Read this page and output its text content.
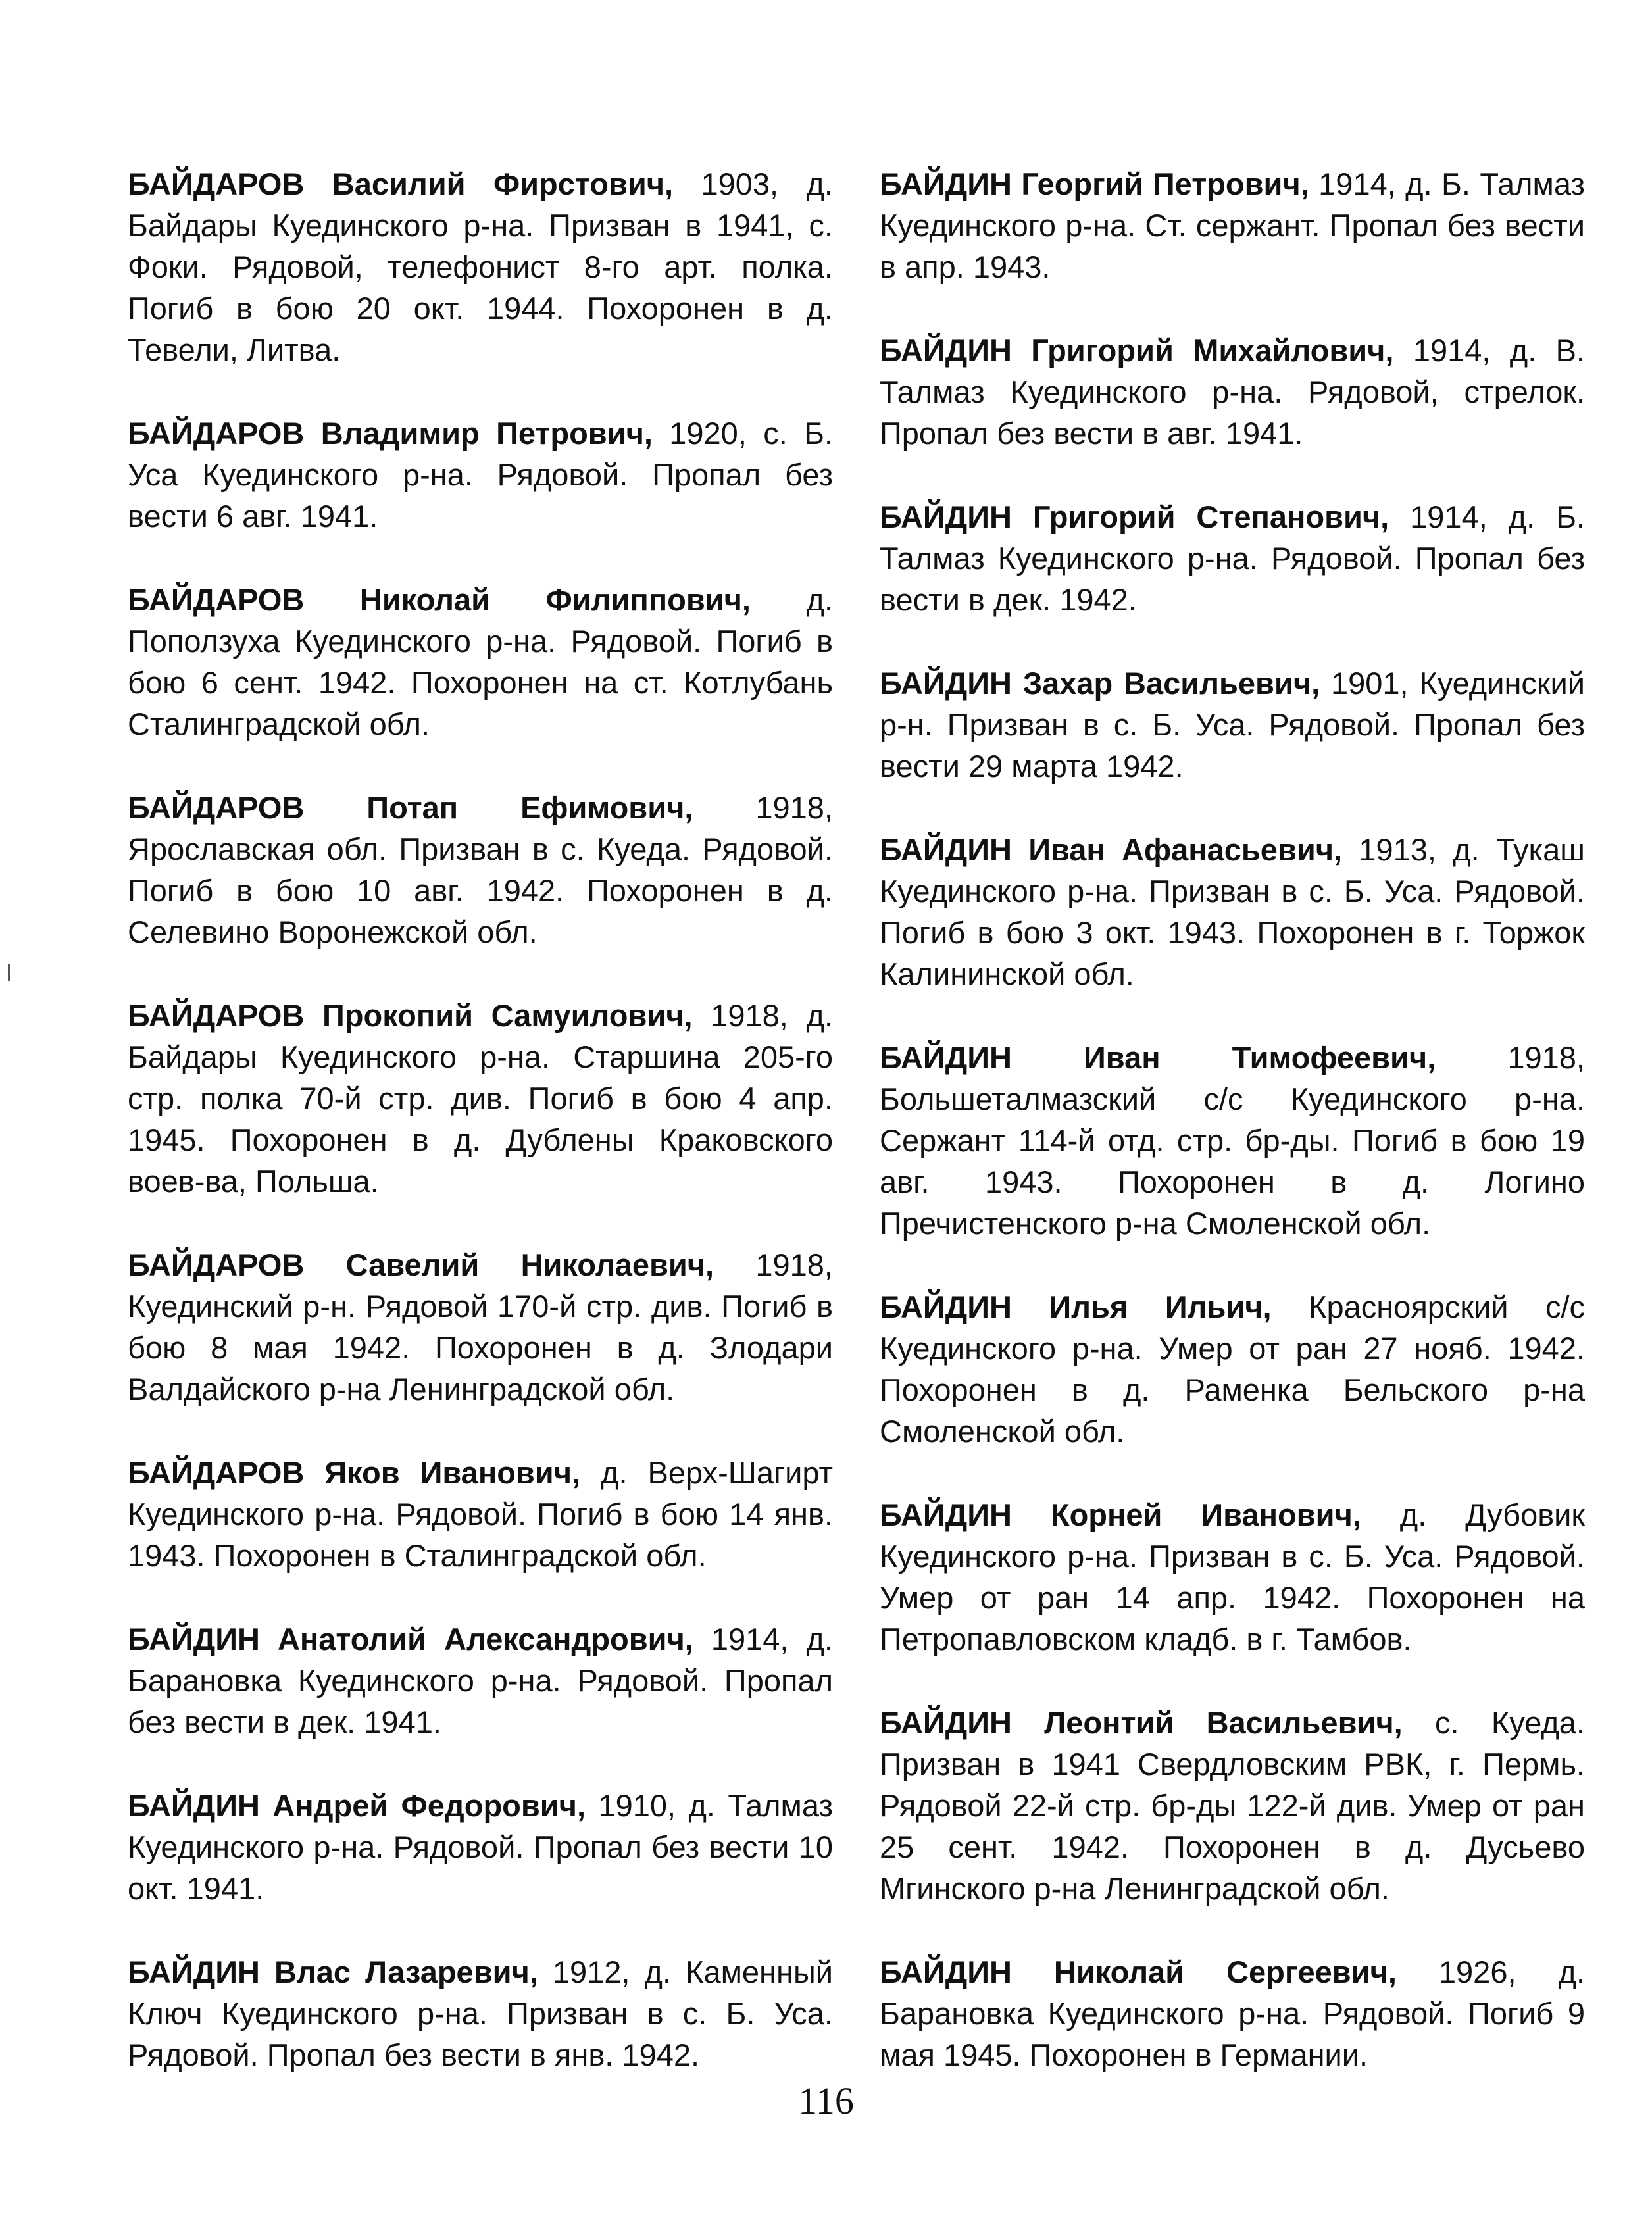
БАЙДАРОВ Василий Фирстович, 1903, д. Байдары Куединского р-на. Призван в 1941, с. Фоки. Рядовой, телефонист 8-го арт. полка. Погиб в бою 20 окт. 1944. Похоронен в д. Тевели, Литва.

БАЙДАРОВ Владимир Петрович, 1920, с. Б. Уса Куединского р-на. Рядовой. Пропал без вести 6 авг. 1941.

БАЙДАРОВ Николай Филиппович, д. Поползуха Куединского р-на. Рядовой. Погиб в бою 6 сент. 1942. Похоронен на ст. Котлубань Сталинградской обл.

БАЙДАРОВ Потап Ефимович, 1918, Ярославская обл. Призван в с. Куеда. Рядовой. Погиб в бою 10 авг. 1942. Похоронен в д. Селевино Воронежской обл.

БАЙДАРОВ Прокопий Самуилович, 1918, д. Байдары Куединского р-на. Старшина 205-го стр. полка 70-й стр. див. Погиб в бою 4 апр. 1945. Похоронен в д. Дублены Краковского воев-ва, Польша.

БАЙДАРОВ Савелий Николаевич, 1918, Куединский р-н. Рядовой 170-й стр. див. Погиб в бою 8 мая 1942. Похоронен в д. Злодари Валдайского р-на Ленинградской обл.

БАЙДАРОВ Яков Иванович, д. Верх-Шагирт Куединского р-на. Рядовой. Погиб в бою 14 янв. 1943. Похоронен в Сталинградской обл.

БАЙДИН Анатолий Александрович, 1914, д. Барановка Куединского р-на. Рядовой. Пропал без вести в дек. 1941.

БАЙДИН Андрей Федорович, 1910, д. Талмаз Куединского р-на. Рядовой. Пропал без вести 10 окт. 1941.

БАЙДИН Влас Лазаревич, 1912, д. Каменный Ключ Куединского р-на. Призван в с. Б. Уса. Рядовой. Пропал без вести в янв. 1942.

БАЙДИН Георгий Петрович, 1914, д. Б. Талмаз Куединского р-на. Ст. сержант. Пропал без вести в апр. 1943.

БАЙДИН Григорий Михайлович, 1914, д. В. Талмаз Куединского р-на. Рядовой, стрелок. Пропал без вести в авг. 1941.

БАЙДИН Григорий Степанович, 1914, д. Б. Талмаз Куединского р-на. Рядовой. Пропал без вести в дек. 1942.

БАЙДИН Захар Васильевич, 1901, Куединский р-н. Призван в с. Б. Уса. Рядовой. Пропал без вести 29 марта 1942.

БАЙДИН Иван Афанасьевич, 1913, д. Тукаш Куединского р-на. Призван в с. Б. Уса. Рядовой. Погиб в бою 3 окт. 1943. Похоронен в г. Торжок Калининской обл.

БАЙДИН Иван Тимофеевич, 1918, Большеталмазский с/с Куединского р-на. Сержант 114-й отд. стр. бр-ды. Погиб в бою 19 авг. 1943. Похоронен в д. Логино Пречистенского р-на Смоленской обл.

БАЙДИН Илья Ильич, Красноярский с/с Куединского р-на. Умер от ран 27 нояб. 1942. Похоронен в д. Раменка Бельского р-на Смоленской обл.

БАЙДИН Корней Иванович, д. Дубовик Куединского р-на. Призван в с. Б. Уса. Рядовой. Умер от ран 14 апр. 1942. Похоронен на Петропавловском кладб. в г. Тамбов.

БАЙДИН Леонтий Васильевич, с. Куеда. Призван в 1941 Свердловским РВК, г. Пермь. Рядовой 22-й стр. бр-ды 122-й див. Умер от ран 25 сент. 1942. Похоронен в д. Дусьево Мгинского р-на Ленинградской обл.

БАЙДИН Николай Сергеевич, 1926, д. Барановка Куединского р-на. Рядовой. Погиб 9 мая 1945. Похоронен в Германии.

116
